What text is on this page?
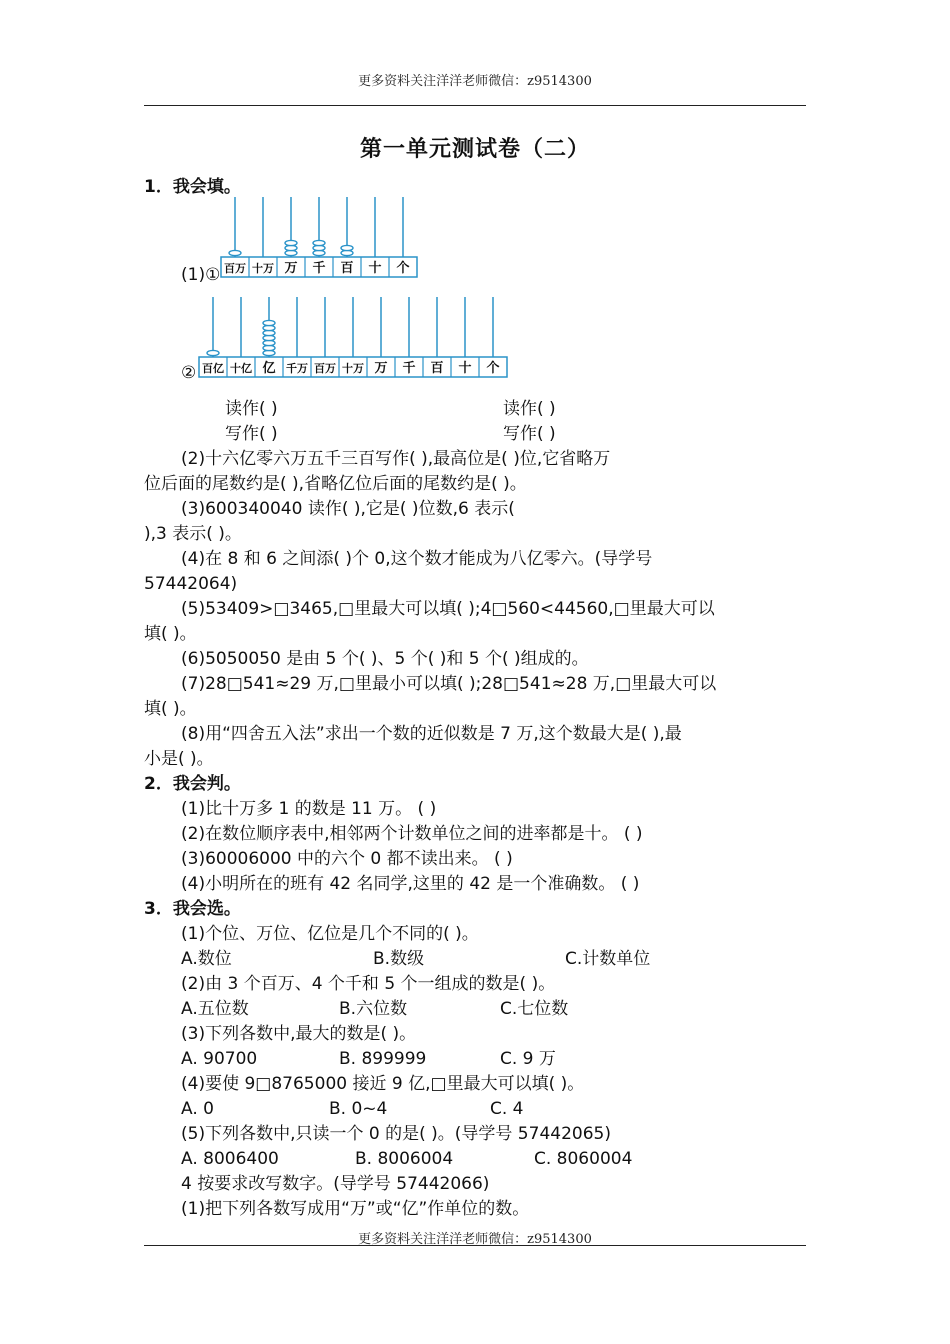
更多资料关注洋洋老师微信：z9514300
第一单元测试卷（二）
1．我会填。
(1)① 百万 十万 万 千 百 十 个
② 百亿 十亿 亿 千万 百万 十万 万 千 百 十 个
读作( )	读作( )
写作( )	写作( )
(2)十六亿零六万五千三百写作( ),最高位是( )位,它省略万
位后面的尾数约是( ),省略亿位后面的尾数约是( )。
(3)600340040 读作( ),它是( )位数,6 表示(
),3 表示( )。
(4)在 8 和 6 之间添( )个 0,这个数才能成为八亿零六。(导学号
57442064)
(5)53409>□3465,□里最大可以填( );4□560<44560,□里最大可以
填( )。
(6)5050050 是由 5 个( )、5 个( )和 5 个( )组成的。
(7)28□541≈29 万,□里最小可以填( );28□541≈28 万,□里最大可以
填( )。
(8)用“四舍五入法”求出一个数的近似数是 7 万,这个数最大是( ),最
小是( )。
2．我会判。
(1)比十万多 1 的数是 11 万。 ( )
(2)在数位顺序表中,相邻两个计数单位之间的进率都是十。 ( )
(3)60006000 中的六个 0 都不读出来。 ( )
(4)小明所在的班有 42 名同学,这里的 42 是一个准确数。 ( )
3．我会选。
(1)个位、万位、亿位是几个不同的( )。
A.数位	B.数级	C.计数单位
(2)由 3 个百万、4 个千和 5 个一组成的数是( )。
A.五位数	B.六位数	C.七位数
(3)下列各数中,最大的数是( )。
A. 90700	B. 899999	C. 9 万
(4)要使 9□8765000 接近 9 亿,□里最大可以填( )。
A. 0	B. 0~4	C. 4
(5)下列各数中,只读一个 0 的是( )。(导学号 57442065)
A. 8006400	B. 8006004	C. 8060004
4 按要求改写数字。(导学号 57442066)
(1)把下列各数写成用“万”或“亿”作单位的数。
更多资料关注洋洋老师微信：z9514300
